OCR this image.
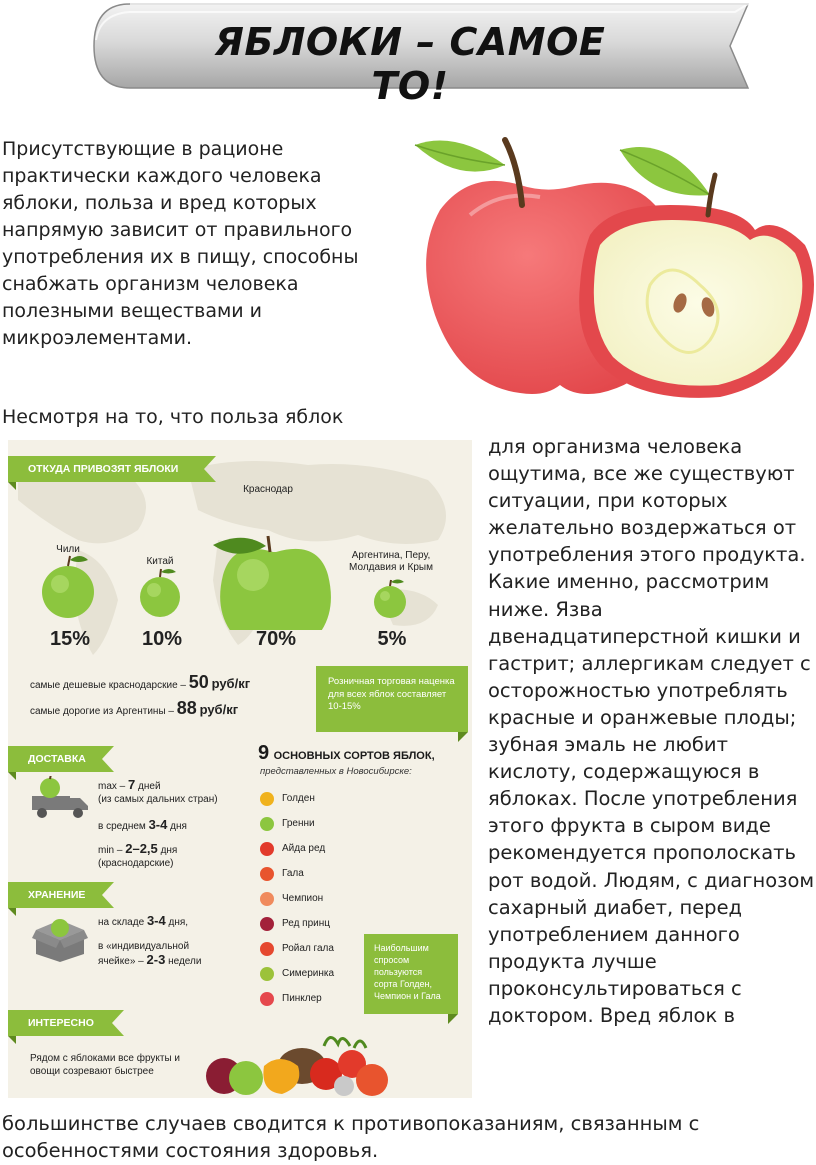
ЯБЛОКИ – САМОЕ ТО!
Присутствующие в рационе практически каждого человека яблоки, польза и вред которых напрямую зависит от правильного употребления их в пищу, способны снабжать организм человека полезными веществами и микроэлементами.
Несмотря на то, что польза яблок
ОТКУДА ПРИВОЗЯТ ЯБЛОКИ
Чили
Китай
Краснодар
Аргентина, Перу, Молдавия и Крым
15%	10%	70%	5%
самые дешевые краснодарские – 50 руб/кг
самые дорогие из Аргентины – 88 руб/кг
Розничная торговая наценка для всех яблок составляет 10-15%
ДОСТАВКА
max – 7 дней
(из самых дальних стран)
в среднем 3-4 дня
min – 2–2,5 дня
(краснодарские)
ХРАНЕНИЕ
на складе 3-4 дня,
в «индивидуальной ячейке» – 2-3 недели
9 ОСНОВНЫХ СОРТОВ ЯБЛОК,
представленных в Новосибирске:
Голден
Гренни
Айда ред
Гала
Чемпион
Ред принц
Ройал гала
Симеринка
Пинклер
Наибольшим спросом пользуются сорта Голден, Чемпион и Гала
ИНТЕРЕСНО
Рядом с яблоками все фрукты и овощи созревают быстрее
для организма человека ощутима, все же существуют ситуации, при которых желательно воздержаться от употребления этого продукта. Какие именно, рассмотрим ниже. Язва двенадцатиперстной кишки и гастрит; аллергикам следует с осторожностью употреблять красные и оранжевые плоды; зубная эмаль не любит кислоту, содержащуюся в яблоках. После употребления этого фрукта в сыром виде рекомендуется прополоскать рот водой. Людям, с диагнозом сахарный диабет, перед употреблением данного продукта лучше проконсультироваться с доктором. Вред яблок в
большинстве случаев сводится к противопоказаниям, связанным с особенностями состояния здоровья.
